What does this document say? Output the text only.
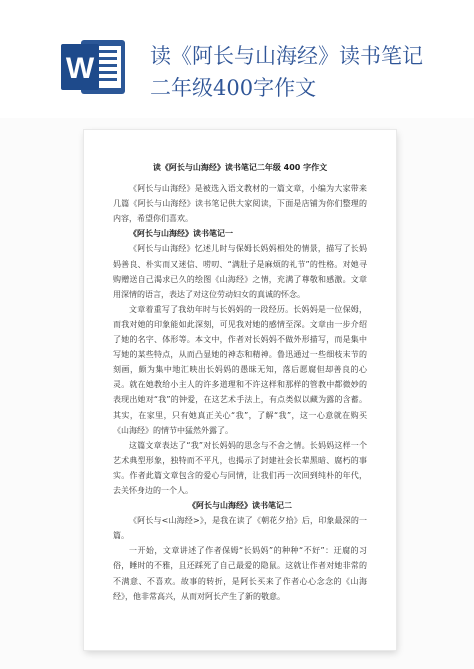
W	读《阿长与山海经》读书笔记
二年级400字作文
读《阿长与山海经》读书笔记二年级 400 字作文

《阿长与山海经》是被选入语文教材的一篇文章，小编为大家带来几篇《阿长与山海经》读书笔记供大家阅读，下面是店铺为你们整理的内容，希望你们喜欢。

《阿长与山海经》读书笔记一

《阿长与山海经》忆述儿时与保姆长妈妈相处的情景，描写了长妈妈善良、朴实而又迷信、唠叨、“满肚子是麻烦的礼节”的性格。对她寻购赠送自己渴求已久的绘图《山海经》之情，充满了尊敬和感激。文章用深情的语言，表达了对这位劳动妇女的真诚的怀念。

文章着重写了我幼年时与长妈妈的一段经历。长妈妈是一位保姆，而我对她的印象能如此深刻，可见我对她的感情至深。文章由一步介绍了她的名字、体形等。本文中，作者对长妈妈不做外形描写，而是集中写她的某些特点，从而凸显她的神态和精神。鲁迅通过一些细枝末节的刻画，颇为集中地汇映出长妈妈的愚昧无知，落后愿腐但却善良的心灵。就在她教给小主人的许多道理和不许这样和那样的管教中都微妙的表现出她对“我”的钟爱，在这艺术手法上，有点类似以藏为露的含蓄。其实，在家里，只有她真正关心“我”，了解“我”，这一心意就在购买《山海经》的情节中猛然外露了。

这篇文章表达了“我”对长妈妈的思念与不舍之情。长妈妈这样一个艺术典型形象，独特而不平凡，也揭示了封建社会长辈黑暗、腐朽的事实。作者此篇文章包含的爱心与同情，让我们再一次回到纯朴的年代，去关怀身边的一个人。

《阿长与山海经》读书笔记二

《阿长与<山海经>》，是我在读了《朝花夕拾》后，印象最深的一篇。

一开始，文章讲述了作者保姆“长妈妈”的种种“不好”：迂腐的习俗，睡时的不雅，且还踩死了自己最爱的隐鼠。这就让作者对她非常的不满意、不喜欢。故事的转折，是阿长买来了作者心心念念的《山海经》，他非常高兴，从而对阿长产生了新的敬意。
